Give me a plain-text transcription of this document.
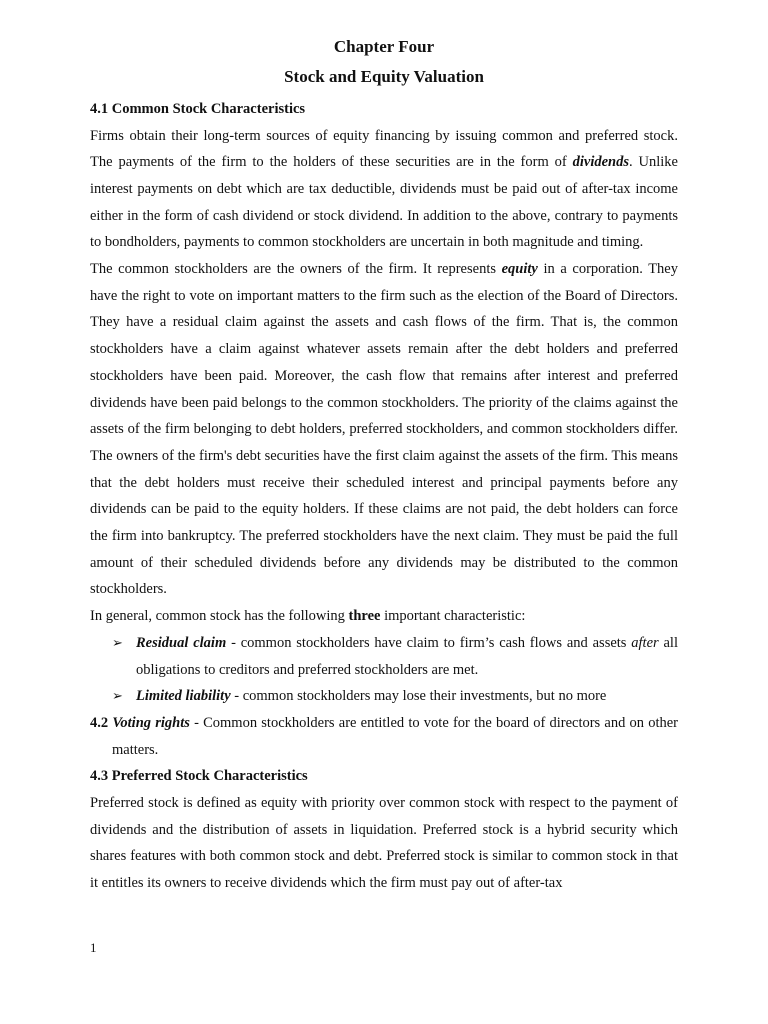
Chapter Four
Stock and Equity Valuation
4.1 Common Stock Characteristics

Firms obtain their long-term sources of equity financing by issuing common and preferred stock. The payments of the firm to the holders of these securities are in the form of dividends. Unlike interest payments on debt which are tax deductible, dividends must be paid out of after-tax income either in the form of cash dividend or stock dividend. In addition to the above, contrary to payments to bondholders, payments to common stockholders are uncertain in both magnitude and timing.

The common stockholders are the owners of the firm. It represents equity in a corporation. They have the right to vote on important matters to the firm such as the election of the Board of Directors. They have a residual claim against the assets and cash flows of the firm. That is, the common stockholders have a claim against whatever assets remain after the debt holders and preferred stockholders have been paid. Moreover, the cash flow that remains after interest and preferred dividends have been paid belongs to the common stockholders. The priority of the claims against the assets of the firm belonging to debt holders, preferred stockholders, and common stockholders differ. The owners of the firm's debt securities have the first claim against the assets of the firm. This means that the debt holders must receive their scheduled interest and principal payments before any dividends can be paid to the equity holders. If these claims are not paid, the debt holders can force the firm into bankruptcy. The preferred stockholders have the next claim. They must be paid the full amount of their scheduled dividends before any dividends may be distributed to the common stockholders.

In general, common stock has the following three important characteristic:

➢ Residual claim - common stockholders have claim to firm’s cash flows and assets after all obligations to creditors and preferred stockholders are met.
➢ Limited liability - common stockholders may lose their investments, but no more

4.2 Voting rights - Common stockholders are entitled to vote for the board of directors and on other matters.

4.3 Preferred Stock Characteristics

Preferred stock is defined as equity with priority over common stock with respect to the payment of dividends and the distribution of assets in liquidation. Preferred stock is a hybrid security which shares features with both common stock and debt. Preferred stock is similar to common stock in that it entitles its owners to receive dividends which the firm must pay out of after-tax

1
